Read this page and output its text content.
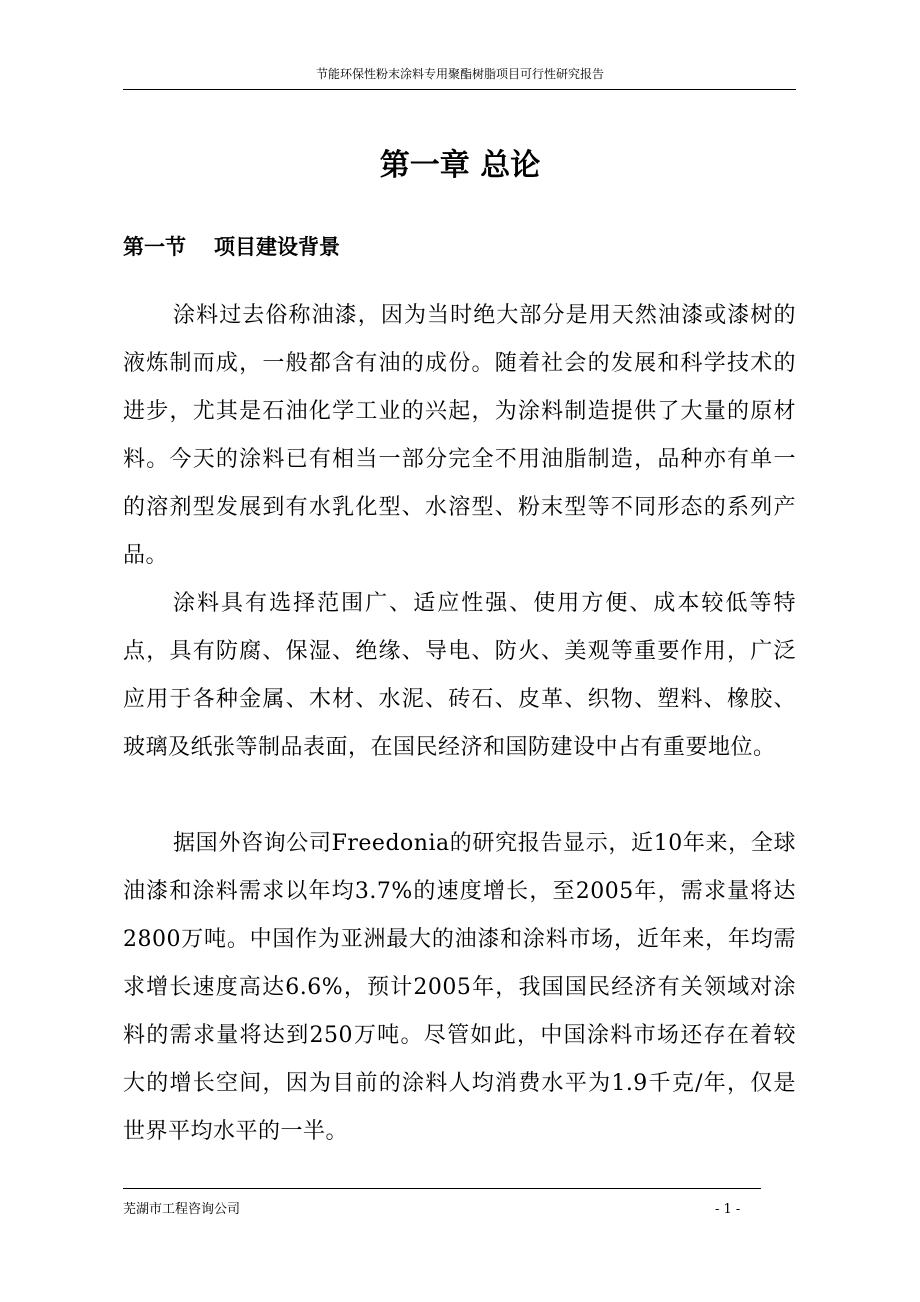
节能环保性粉末涂料专用聚酯树脂项目可行性研究报告
第一章 总论
第一节 项目建设背景

涂料过去俗称油漆，因为当时绝大部分是用天然油漆或漆树的液炼制而成，一般都含有油的成份。随着社会的发展和科学技术的进步，尤其是石油化学工业的兴起，为涂料制造提供了大量的原材料。今天的涂料已有相当一部分完全不用油脂制造，品种亦有单一的溶剂型发展到有水乳化型、水溶型、粉末型等不同形态的系列产品。

涂料具有选择范围广、适应性强、使用方便、成本较低等特点，具有防腐、保湿、绝缘、导电、防火、美观等重要作用，广泛应用于各种金属、木材、水泥、砖石、皮革、织物、塑料、橡胶、玻璃及纸张等制品表面，在国民经济和国防建设中占有重要地位。

据国外咨询公司Freedonia的研究报告显示，近10年来，全球油漆和涂料需求以年均3.7%的速度增长，至2005年，需求量将达2800万吨。中国作为亚洲最大的油漆和涂料市场，近年来，年均需求增长速度高达6.6%，预计2005年，我国国民经济有关领域对涂料的需求量将达到250万吨。尽管如此，中国涂料市场还存在着较大的增长空间，因为目前的涂料人均消费水平为1.9千克/年，仅是世界平均水平的一半。

芜湖市工程咨询公司	- 1 -
